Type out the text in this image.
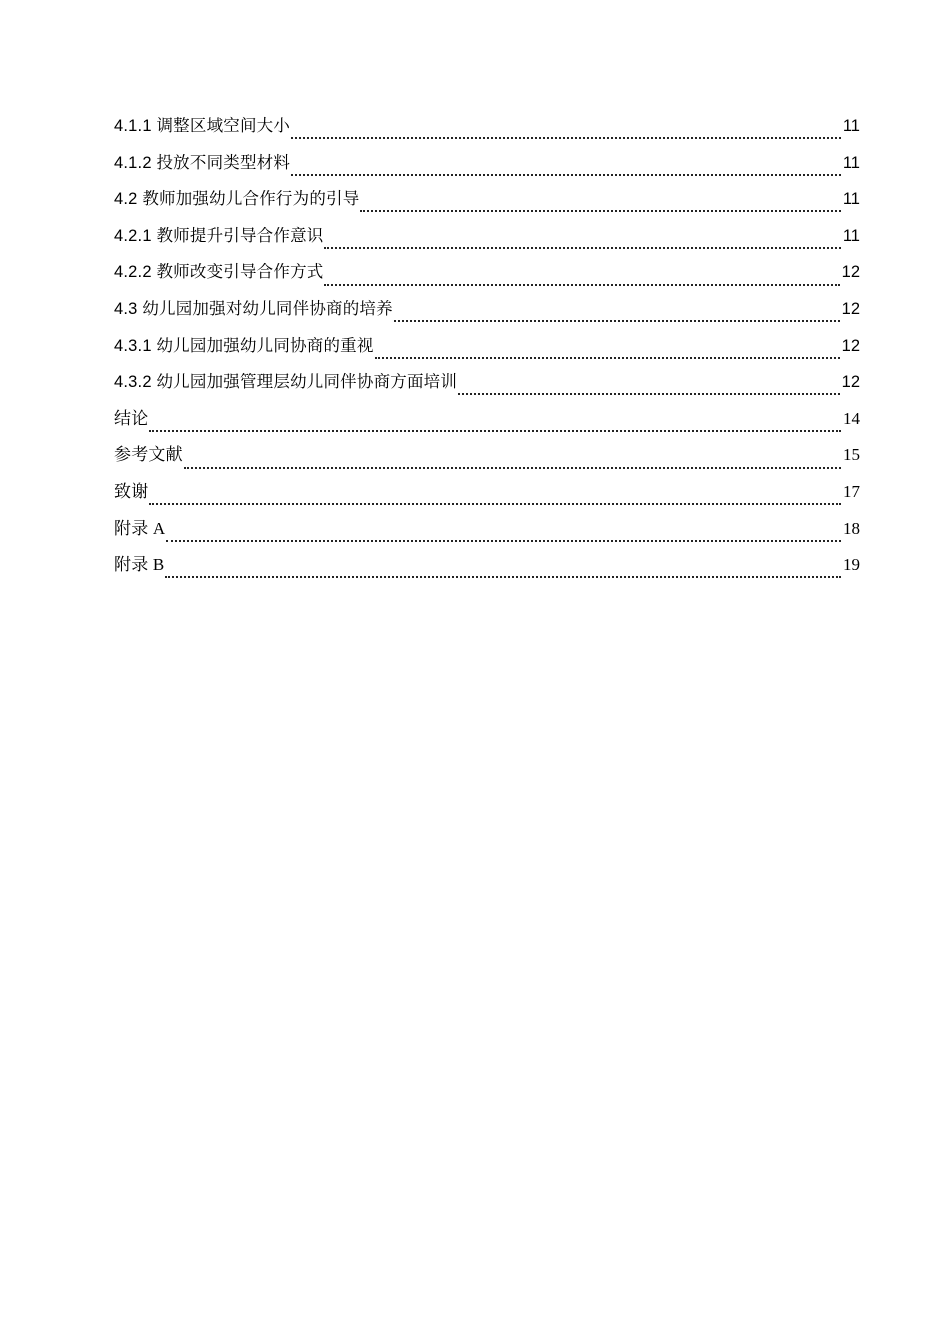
4.1.1 调整区域空间大小	11
4.1.2 投放不同类型材料	11
4.2 教师加强幼儿合作行为的引导	11
4.2.1 教师提升引导合作意识	11
4.2.2 教师改变引导合作方式	12
4.3 幼儿园加强对幼儿同伴协商的培养	12
4.3.1 幼儿园加强幼儿同协商的重视	12
4.3.2 幼儿园加强管理层幼儿同伴协商方面培训	12
结论	14
参考文献	15
致谢	17
附录 A	18
附录 B	19
